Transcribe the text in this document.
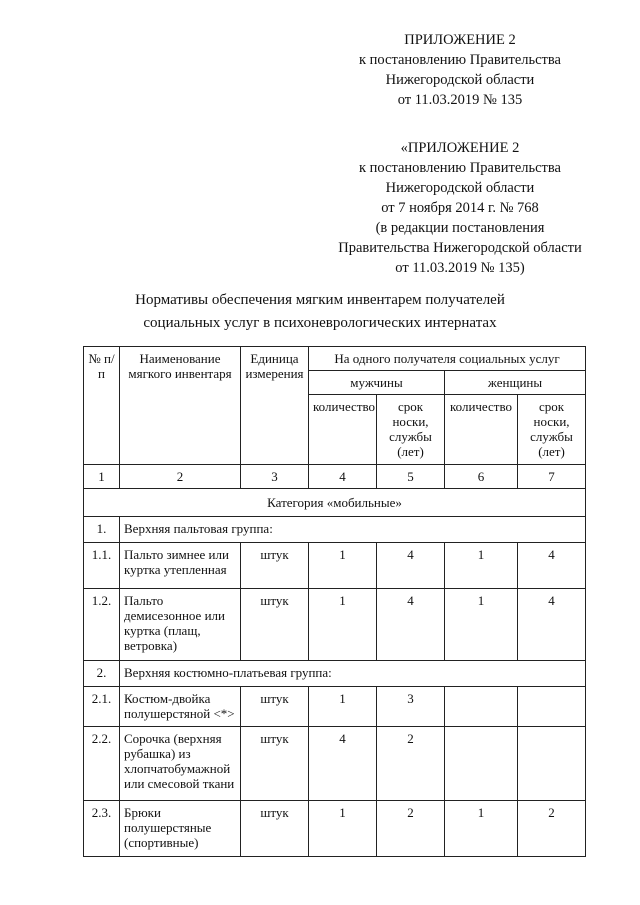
ПРИЛОЖЕНИЕ 2
к постановлению Правительства
Нижегородской области
от 11.03.2019 № 135
«ПРИЛОЖЕНИЕ 2
к постановлению Правительства
Нижегородской области
от 7 ноября 2014 г. № 768
(в редакции постановления
Правительства Нижегородской области
от 11.03.2019 № 135)
Нормативы обеспечения мягким инвентарем получателей
социальных услуг в психоневрологических интернатах
№ п/п	Наименование мягкого инвентаря	Единица измерения	На одного получателя социальных услуг			
			мужчины		женщины	
			количество	срок носки, службы (лет)	количество	срок носки, службы (лет)
1	2	3	4	5	6	7
Категория «мобильные»						
1.	Верхняя пальтовая группа:					
1.1.	Пальто зимнее или куртка утепленная	штук	1	4	1	4
1.2.	Пальто демисезонное или куртка (плащ, ветровка)	штук	1	4	1	4
2.	Верхняя костюмно-платьевая группа:					
2.1.	Костюм-двойка полушерстяной <*>	штук	1	3		
2.2.	Сорочка (верхняя рубашка) из хлопчатобумажной или смесовой ткани	штук	4	2		
2.3.	Брюки полушерстяные (спортивные)	штук	1	2	1	2
